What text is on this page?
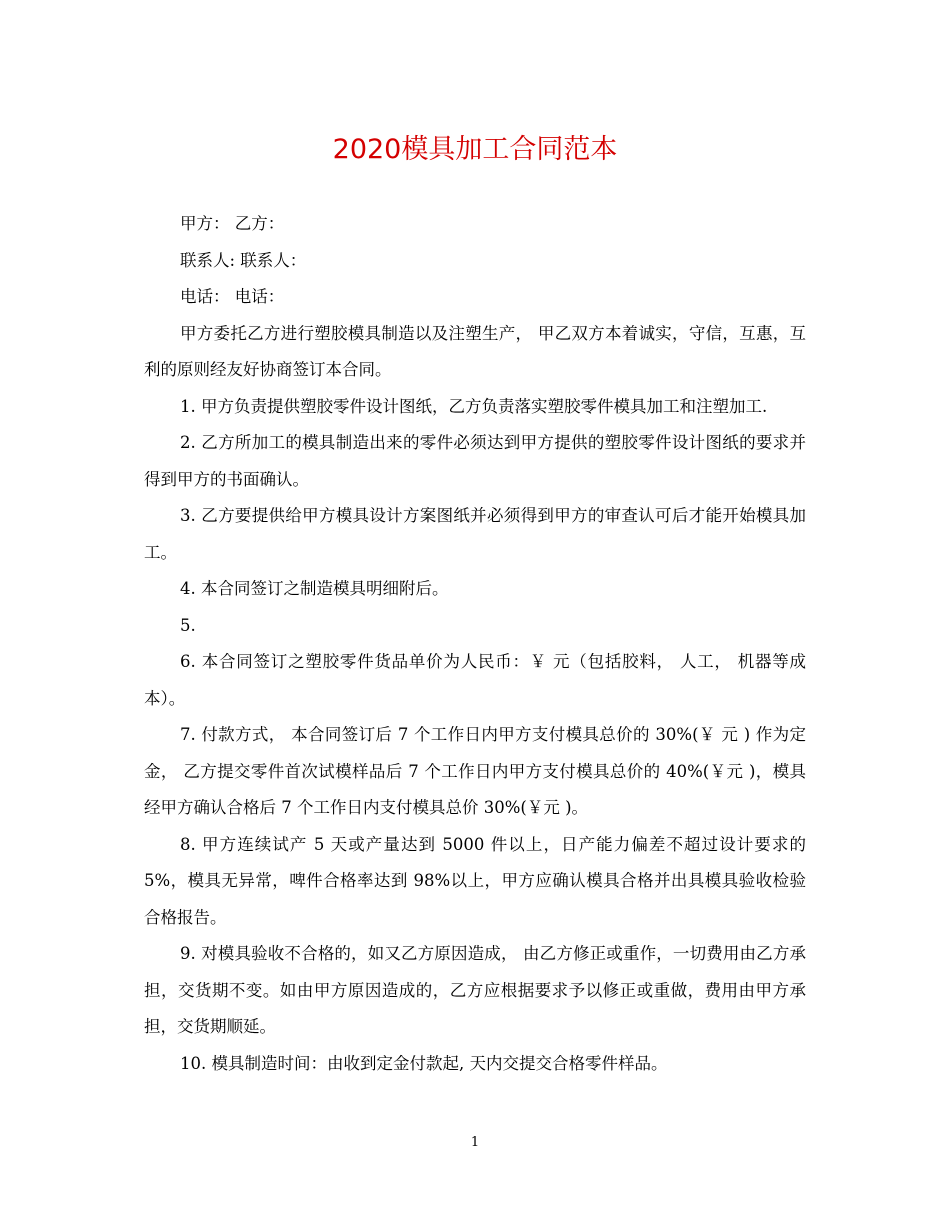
2020模具加工合同范本

甲方： 乙方：

联系人: 联系人：

电话： 电话：

甲方委托乙方进行塑胶模具制造以及注塑生产， 甲乙双方本着诚实，守信，互惠，互利的原则经友好协商签订本合同。

1. 甲方负责提供塑胶零件设计图纸，乙方负责落实塑胶零件模具加工和注塑加工.

2. 乙方所加工的模具制造出来的零件必须达到甲方提供的塑胶零件设计图纸的要求并得到甲方的书面确认。

3. 乙方要提供给甲方模具设计方案图纸并必须得到甲方的审查认可后才能开始模具加工。

4. 本合同签订之制造模具明细附后。

5.

6. 本合同签订之塑胶零件货品单价为人民币：￥ 元（包括胶料， 人工， 机器等成本）。

7. 付款方式， 本合同签订后 7 个工作日内甲方支付模具总价的 30%(￥ 元 ) 作为定金， 乙方提交零件首次试模样品后 7 个工作日内甲方支付模具总价的 40%(￥元 )，模具经甲方确认合格后 7 个工作日内支付模具总价 30%(￥元 )。

8. 甲方连续试产 5 天或产量达到 5000 件以上，日产能力偏差不超过设计要求的 5%，模具无异常，啤件合格率达到 98%以上，甲方应确认模具合格并出具模具验收检验合格报告。

9. 对模具验收不合格的，如又乙方原因造成， 由乙方修正或重作，一切费用由乙方承担，交货期不变。如由甲方原因造成的，乙方应根据要求予以修正或重做，费用由甲方承担，交货期顺延。

10. 模具制造时间：由收到定金付款起, 天内交提交合格零件样品。

1
